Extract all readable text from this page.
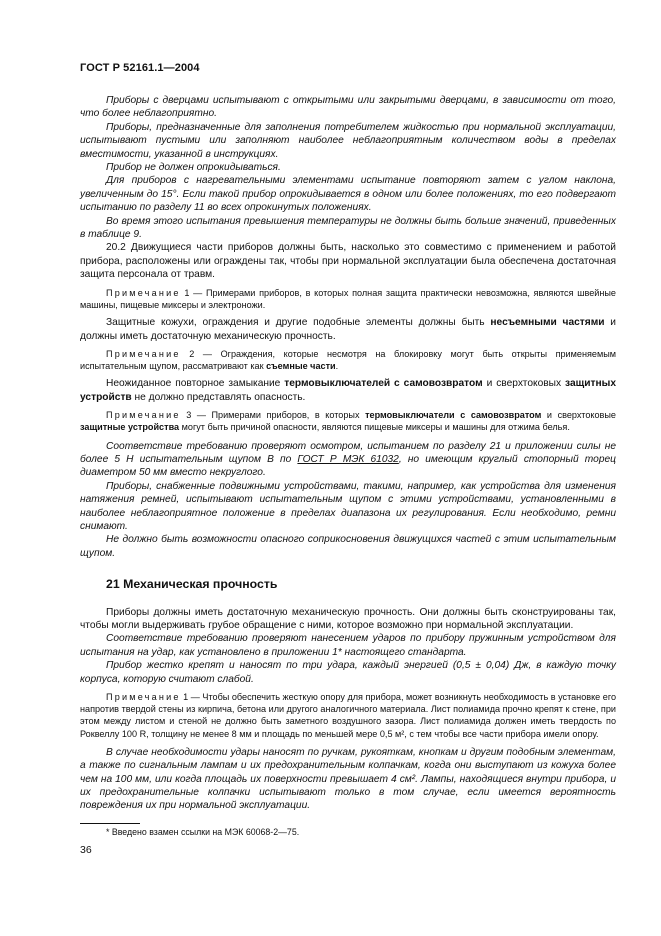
ГОСТ Р 52161.1—2004

Приборы с дверцами испытывают с открытыми или закрытыми дверцами, в зависимости от того, что более неблагоприятно.

Приборы, предназначенные для заполнения потребителем жидкостью при нормальной эксплуатации, испытывают пустыми или заполняют наиболее неблагоприятным количеством воды в пределах вместимости, указанной в инструкциях.

Прибор не должен опрокидываться.

Для приборов с нагревательными элементами испытание повторяют затем с углом наклона, увеличенным до 15°. Если такой прибор опрокидывается в одном или более положениях, то его подвергают испытанию по разделу 11 во всех опрокинутых положениях.

Во время этого испытания превышения температуры не должны быть больше значений, приведенных в таблице 9.

20.2 Движущиеся части приборов должны быть, насколько это совместимо с применением и работой прибора, расположены или ограждены так, чтобы при нормальной эксплуатации была обеспечена достаточная защита персонала от травм.

Примечание 1 — Примерами приборов, в которых полная защита практически невозможна, являются швейные машины, пищевые миксеры и электроножи.

Защитные кожухи, ограждения и другие подобные элементы должны быть несъемными частями и должны иметь достаточную механическую прочность.

Примечание 2 — Ограждения, которые несмотря на блокировку могут быть открыты применяемым испытательным щупом, рассматривают как съемные части.

Неожиданное повторное замыкание термовыключателей с самовозвратом и сверхтоковых защитных устройств не должно представлять опасность.

Примечание 3 — Примерами приборов, в которых термовыключатели с самовозвратом и сверхтоковые защитные устройства могут быть причиной опасности, являются пищевые миксеры и машины для отжима белья.

Соответствие требованию проверяют осмотром, испытанием по разделу 21 и приложении силы не более 5 Н испытательным щупом В по ГОСТ Р МЭК 61032, но имеющим круглый стопорный торец диаметром 50 мм вместо некруглого.

Приборы, снабженные подвижными устройствами, такими, например, как устройства для изменения натяжения ремней, испытывают испытательным щупом с этими устройствами, установленными в наиболее неблагоприятное положение в пределах диапазона их регулирования. Если необходимо, ремни снимают.

Не должно быть возможности опасного соприкосновения движущихся частей с этим испытательным щупом.

21 Механическая прочность

Приборы должны иметь достаточную механическую прочность. Они должны быть сконструированы так, чтобы могли выдерживать грубое обращение с ними, которое возможно при нормальной эксплуатации.

Соответствие требованию проверяют нанесением ударов по прибору пружинным устройством для испытания на удар, как установлено в приложении 1* настоящего стандарта.

Прибор жестко крепят и наносят по три удара, каждый энергией (0,5 ± 0,04) Дж, в каждую точку корпуса, которую считают слабой.

Примечание 1 — Чтобы обеспечить жесткую опору для прибора, может возникнуть необходимость в установке его напротив твердой стены из кирпича, бетона или другого аналогичного материала. Лист полиамида прочно крепят к стене, при этом между листом и стеной не должно быть заметного воздушного зазора. Лист полиамида должен иметь твердость по Роквеллу 100 R, толщину не менее 8 мм и площадь по меньшей мере 0,5 м², с тем чтобы все части прибора имели опору.

В случае необходимости удары наносят по ручкам, рукояткам, кнопкам и другим подобным элементам, а также по сигнальным лампам и их предохранительным колпачкам, когда они выступают из кожуха более чем на 100 мм, или когда площадь их поверхности превышает 4 см². Лампы, находящиеся внутри прибора, и их предохранительные колпачки испытывают только в том случае, если имеется вероятность повреждения их при нормальной эксплуатации.

* Введено взамен ссылки на МЭК 60068-2—75.

36
